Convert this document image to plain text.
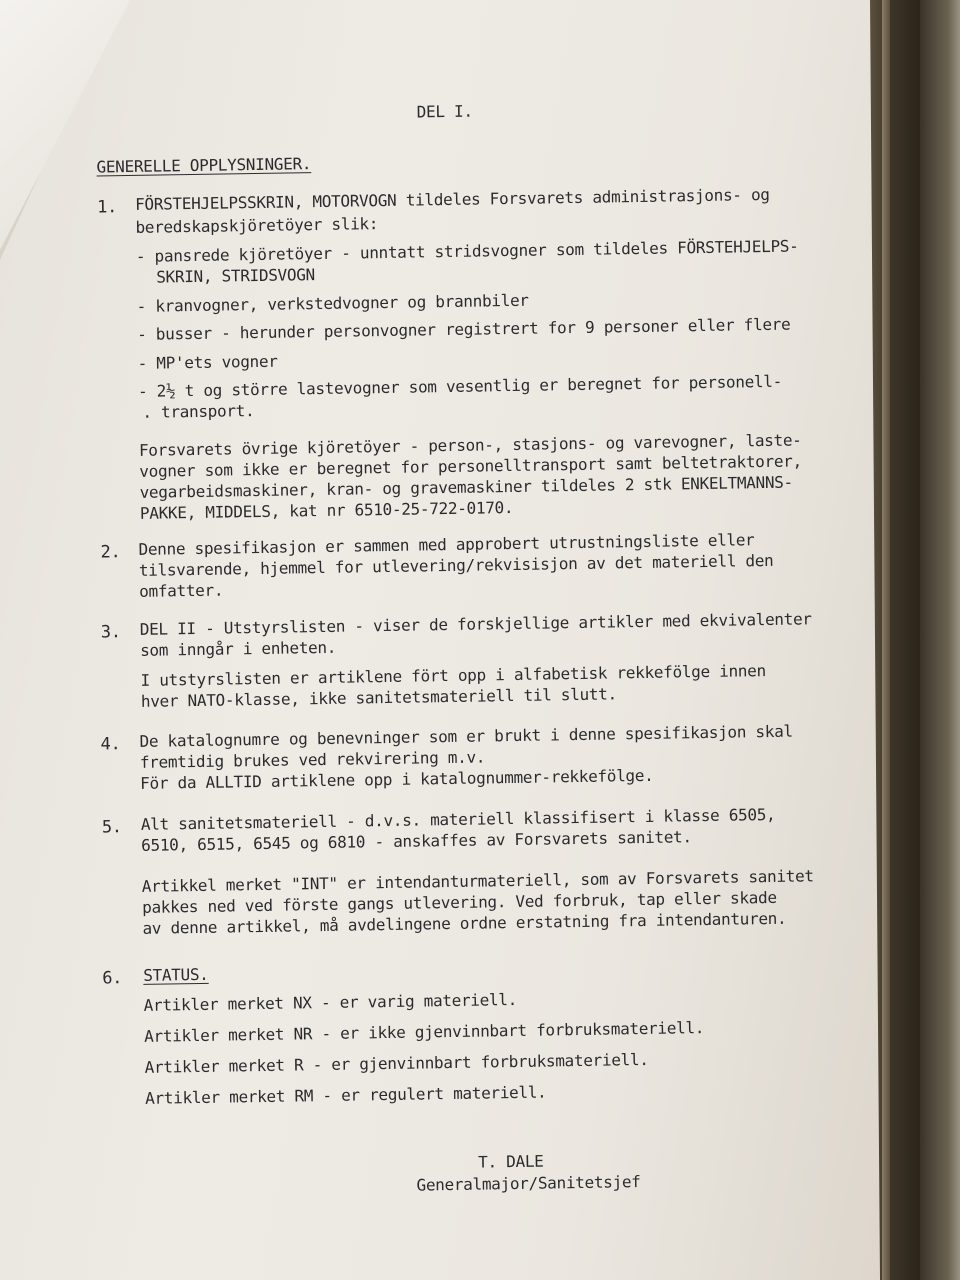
DEL I.
GENERELLE OPPLYSNINGER.
1. FÖRSTEHJELPSSKRIN, MOTORVOGN tildeles Forsvarets administrasjons- og
beredskapskjöretöyer slik:
- pansrede kjöretöyer - unntatt stridsvogner som tildeles FÖRSTEHJELPS-
SKRIN, STRIDSVOGN
- kranvogner, verkstedvogner og brannbiler
- busser - herunder personvogner registrert for 9 personer eller flere
- MP'ets vogner
- 2½ t og större lastevogner som vesentlig er beregnet for personell-
. transport.
Forsvarets övrige kjöretöyer - person-, stasjons- og varevogner, laste-
vogner som ikke er beregnet for personelltransport samt beltetraktorer,
vegarbeidsmaskiner, kran- og gravemaskiner tildeles 2 stk ENKELTMANNS-
PAKKE, MIDDELS, kat nr 6510-25-722-0170.
2. Denne spesifikasjon er sammen med approbert utrustningsliste eller
tilsvarende, hjemmel for utlevering/rekvisisjon av det materiell den
omfatter.
3. DEL II - Utstyrslisten - viser de forskjellige artikler med ekvivalenter
som inngår i enheten.
I utstyrslisten er artiklene fört opp i alfabetisk rekkefölge innen
hver NATO-klasse, ikke sanitetsmateriell til slutt.
4. De katalognumre og benevninger som er brukt i denne spesifikasjon skal
fremtidig brukes ved rekvirering m.v.
För da ALLTID artiklene opp i katalognummer-rekkefölge.
5. Alt sanitetsmateriell - d.v.s. materiell klassifisert i klasse 6505,
6510, 6515, 6545 og 6810 - anskaffes av Forsvarets sanitet.
Artikkel merket "INT" er intendanturmateriell, som av Forsvarets sanitet
pakkes ned ved förste gangs utlevering. Ved forbruk, tap eller skade
av denne artikkel, må avdelingene ordne erstatning fra intendanturen.
6. STATUS.
Artikler merket NX - er varig materiell.
Artikler merket NR - er ikke gjenvinnbart forbruksmateriell.
Artikler merket R - er gjenvinnbart forbruksmateriell.
Artikler merket RM - er regulert materiell.
T. DALE
Generalmajor/Sanitetsjef
